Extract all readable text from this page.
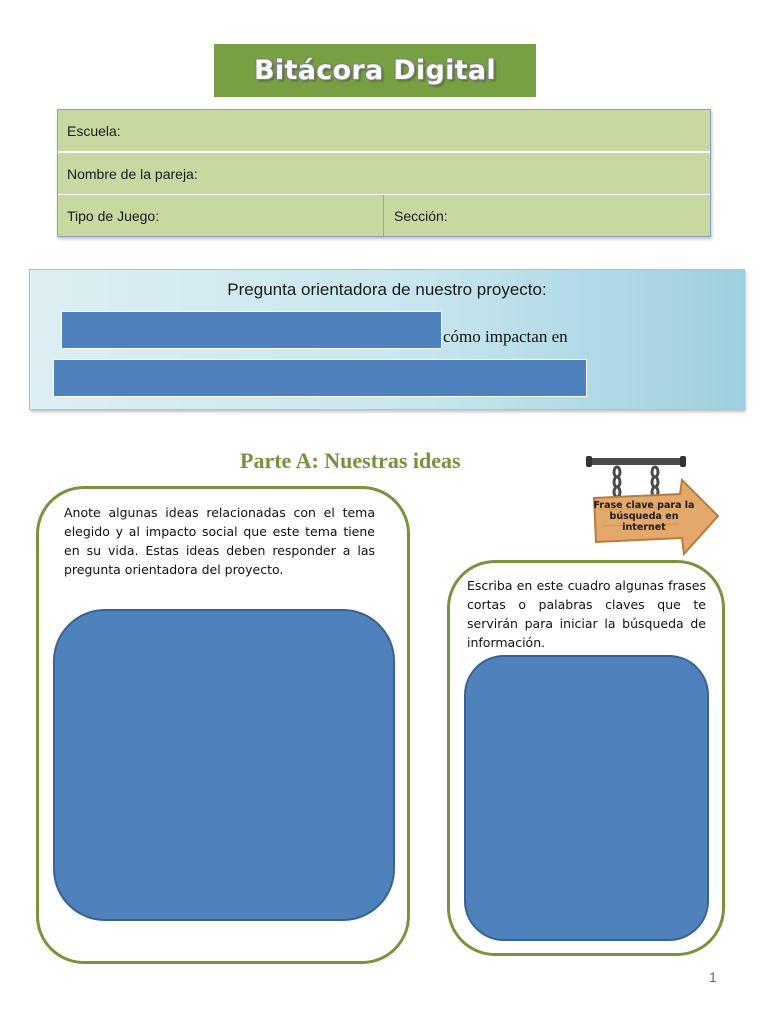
Bitácora Digital
Escuela:
Nombre de la pareja:
Tipo de Juego:	Sección:
Pregunta orientadora de nuestro proyecto:
cómo impactan en
Parte A: Nuestras ideas
Frase clave para la búsqueda en internet
Anote algunas ideas relacionadas con el tema elegido y al impacto social que este tema tiene en su vida. Estas ideas deben responder a las pregunta orientadora del proyecto.
Escriba en este cuadro algunas frases cortas o palabras claves que te servirán para iniciar la búsqueda de información.
1
